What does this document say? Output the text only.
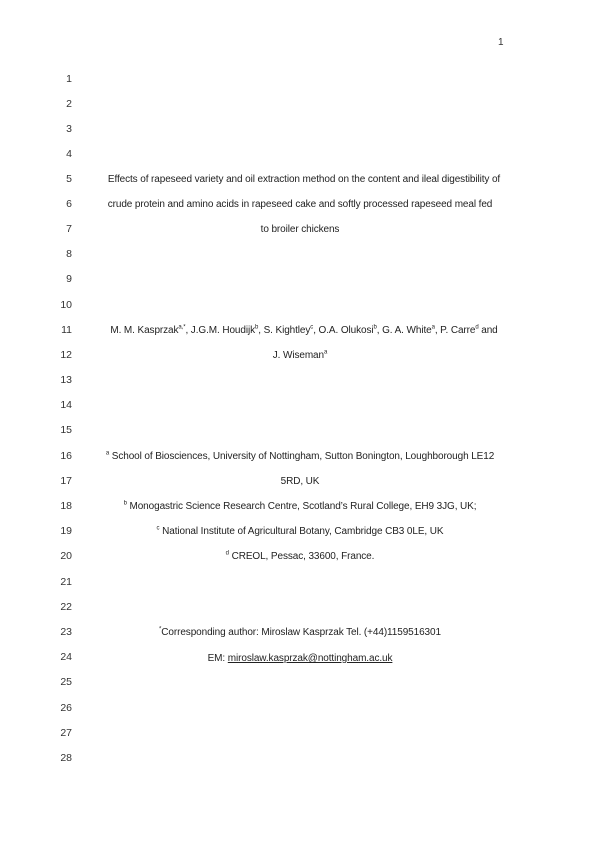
1
1
2
3
4
5
6
7
8
9
10
11
12
13
14
15
16
17
18
19
20
21
22
23
24
25
26
27
28
Effects of rapeseed variety and oil extraction method on the content and ileal digestibility of
crude protein and amino acids in rapeseed cake and softly processed rapeseed meal fed
to broiler chickens
M. M. Kasprzak$^{a,*}$, J.G.M. Houdijk$^b$, S. Kightley$^c$, O.A. Olukosi$^b$, G. A. White$^a$, P. Carre$^d$ and
J. Wiseman$^a$
$^a$ School of Biosciences, University of Nottingham, Sutton Bonington, Loughborough LE12
5RD, UK
$^b$ Monogastric Science Research Centre, Scotland’s Rural College, EH9 3JG, UK;
$^c$ National Institute of Agricultural Botany, Cambridge CB3 0LE, UK
$^d$ CREOL, Pessac, 33600, France.
*Corresponding author: Miroslaw Kasprzak Tel. (+44)1159516301
EM: miroslaw.kasprzak@nottingham.ac.uk
